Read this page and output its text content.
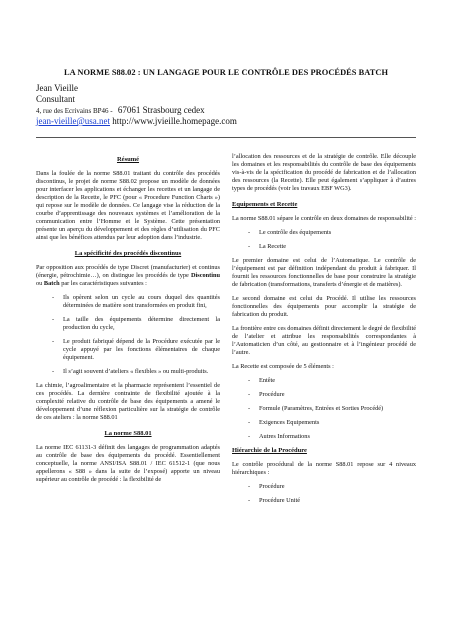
LA NORME S88.02 : UN LANGAGE POUR LE CONTRÔLE DES PROCÉDÉS BATCH
Jean Vieille
Consultant
4, rue des Ecrivains BP46 - 67061 Strasbourg cedex
jean-vieille@usa.net http://www.jvieille.homepage.com
Résumé

Dans la foulée de la norme S88.01 traitant du contrôle des procédés discontinus, le projet de norme S88.02 propose un modèle de données pour interfacer les applications et échanger les recettes et un langage de description de la Recette, le PFC (pour « Procedure Function Charts ») qui repose sur le modèle de données. Ce langage vise la réduction de la courbe d’apprentissage des nouveaux systèmes et l’amélioration de la communication entre l’Homme et le Système. Cette présentation présente un aperçu du développement et des règles d’utilisation du PFC ainsi que les bénéfices attendus par leur adoption dans l’industrie.

La spécificité des procédés discontinus

Par opposition aux procédés de type Discret (manufacturier) et continus (énergie, pétrochimie…), on distingue les procédés de type Discontinu ou Batch par les caractéristiques suivantes :

- Ils opèrent selon un cycle au cours duquel des quantités déterminées de matière sont transformées en produit fini,
- La taille des équipements détermine directement la production du cycle,
- Le produit fabriqué dépend de la Procédure exécutée par le cycle appuyé par les fonctions élémentaires de chaque équipement.
- Il s’agit souvent d’ateliers « flexibles » ou multi-produits.

La chimie, l’agroalimentaire et la pharmacie représentent l’essentiel de ces procédés. La dernière contrainte de flexibilité ajoutée à la complexité relative du contrôle de base des équipements a amené le développement d’une réflexion particulière sur la stratégie de contrôle de ces ateliers : la norme S88.01

La norme S88.01

La norme IEC 61131-3 définit des langages de programmation adaptés au contrôle de base des équipements du procédé. Essentiellement conceptuelle, la norme ANSI/ISA S88.01 / IEC 61512-1 (que nous appellerons « S88 » dans la suite de l’exposé) apporte un niveau supérieur au contrôle de procédé : la flexibilité de

l’allocation des ressources et de la stratégie de contrôle. Elle découple les domaines et les responsabilités du contrôle de base des équipements vis-à-vis de la spécification du procédé de fabrication et de l’allocation des ressources (la Recette). Elle peut également s’appliquer à d’autres types de procédés (voir les travaux EBF WG3).

Equipements et Recette

La norme S88.01 sépare le contrôle en deux domaines de responsabilité :

- Le contrôle des équipements
- La Recette

Le premier domaine est celui de l’Automatique. Le contrôle de l’équipement est par définition indépendant du produit à fabriquer. Il fournit les ressources fonctionnelles de base pour construire la stratégie de fabrication (transformations, transferts d’énergie et de matières).

Le second domaine est celui du Procédé. Il utilise les ressources fonctionnelles des équipements pour accomplir la stratégie de fabrication du produit.

La frontière entre ces domaines définit directement le degré de flexibilité de l’atelier et attribue les responsabilités correspondantes à l’Automaticien d’un côté, au gestionnaire et à l’ingénieur procédé de l’autre.

La Recette est composée de 5 éléments :

- Entête
- Procédure
- Formule (Paramètres, Entrées et Sorties Procédé)
- Exigences Equipements
- Autres Informations
Hiérarchie de la Procédure

Le contrôle procédural de la norme S88.01 repose sur 4 niveaux hiérarchiques :

- Procédure
- Procédure Unité
